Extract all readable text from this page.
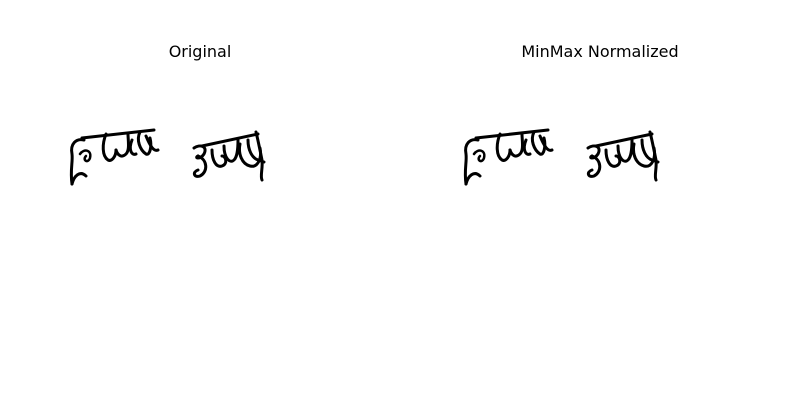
Original	MinMax Normalized
